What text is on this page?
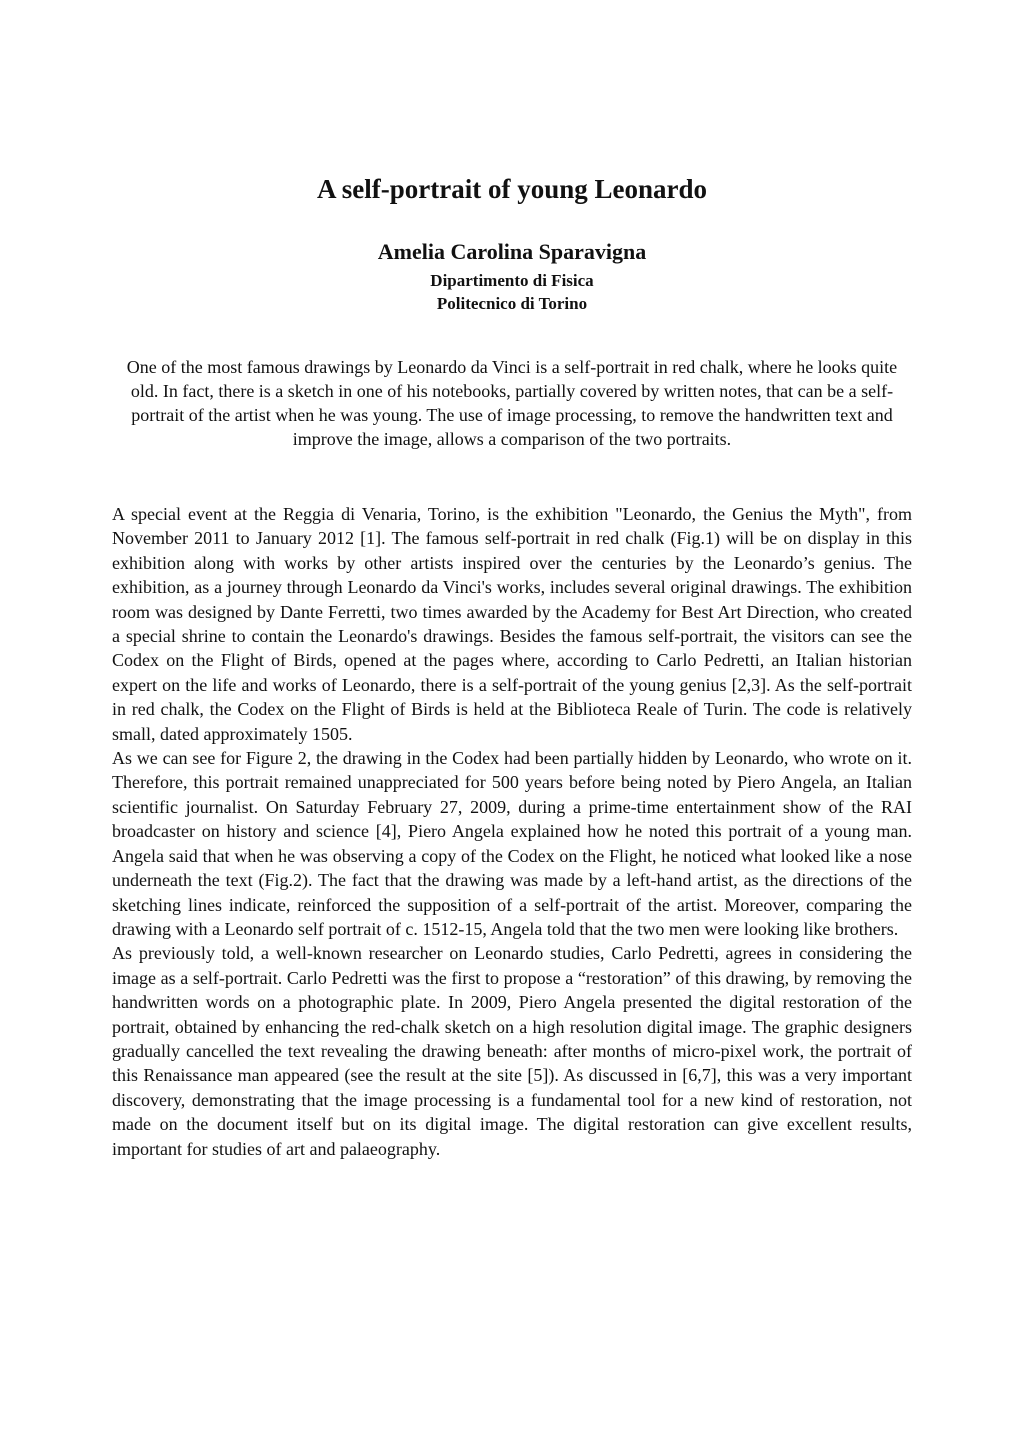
A self-portrait of young Leonardo
Amelia Carolina Sparavigna
Dipartimento di Fisica
Politecnico di Torino

One of the most famous drawings by Leonardo da Vinci is a self-portrait in red chalk, where he looks quite old. In fact, there is a sketch in one of his notebooks, partially covered by written notes, that can be a self-portrait of the artist when he was young. The use of image processing, to remove the handwritten text and improve the image, allows a comparison of the two portraits.

A special event at the Reggia di Venaria, Torino, is the exhibition "Leonardo, the Genius the Myth", from November 2011 to January 2012 [1]. The famous self-portrait in red chalk (Fig.1) will be on display in this exhibition along with works by other artists inspired over the centuries by the Leonardo’s genius. The exhibition, as a journey through Leonardo da Vinci's works, includes several original drawings. The exhibition room was designed by Dante Ferretti, two times awarded by the Academy for Best Art Direction, who created a special shrine to contain the Leonardo's drawings. Besides the famous self-portrait, the visitors can see the Codex on the Flight of Birds, opened at the pages where, according to Carlo Pedretti, an Italian historian expert on the life and works of Leonardo, there is a self-portrait of the young genius [2,3]. As the self-portrait in red chalk, the Codex on the Flight of Birds is held at the Biblioteca Reale of Turin. The code is relatively small, dated approximately 1505.

As we can see for Figure 2, the drawing in the Codex had been partially hidden by Leonardo, who wrote on it. Therefore, this portrait remained unappreciated for 500 years before being noted by Piero Angela, an Italian scientific journalist. On Saturday February 27, 2009, during a prime-time entertainment show of the RAI broadcaster on history and science [4], Piero Angela explained how he noted this portrait of a young man. Angela said that when he was observing a copy of the Codex on the Flight, he noticed what looked like a nose underneath the text (Fig.2). The fact that the drawing was made by a left-hand artist, as the directions of the sketching lines indicate, reinforced the supposition of a self-portrait of the artist. Moreover, comparing the drawing with a Leonardo self portrait of c. 1512-15, Angela told that the two men were looking like brothers.

As previously told, a well-known researcher on Leonardo studies, Carlo Pedretti, agrees in considering the image as a self-portrait. Carlo Pedretti was the first to propose a “restoration” of this drawing, by removing the handwritten words on a photographic plate. In 2009, Piero Angela presented the digital restoration of the portrait, obtained by enhancing the red-chalk sketch on a high resolution digital image. The graphic designers gradually cancelled the text revealing the drawing beneath: after months of micro-pixel work, the portrait of this Renaissance man appeared (see the result at the site [5]). As discussed in [6,7], this was a very important discovery, demonstrating that the image processing is a fundamental tool for a new kind of restoration, not made on the document itself but on its digital image. The digital restoration can give excellent results, important for studies of art and palaeography.
